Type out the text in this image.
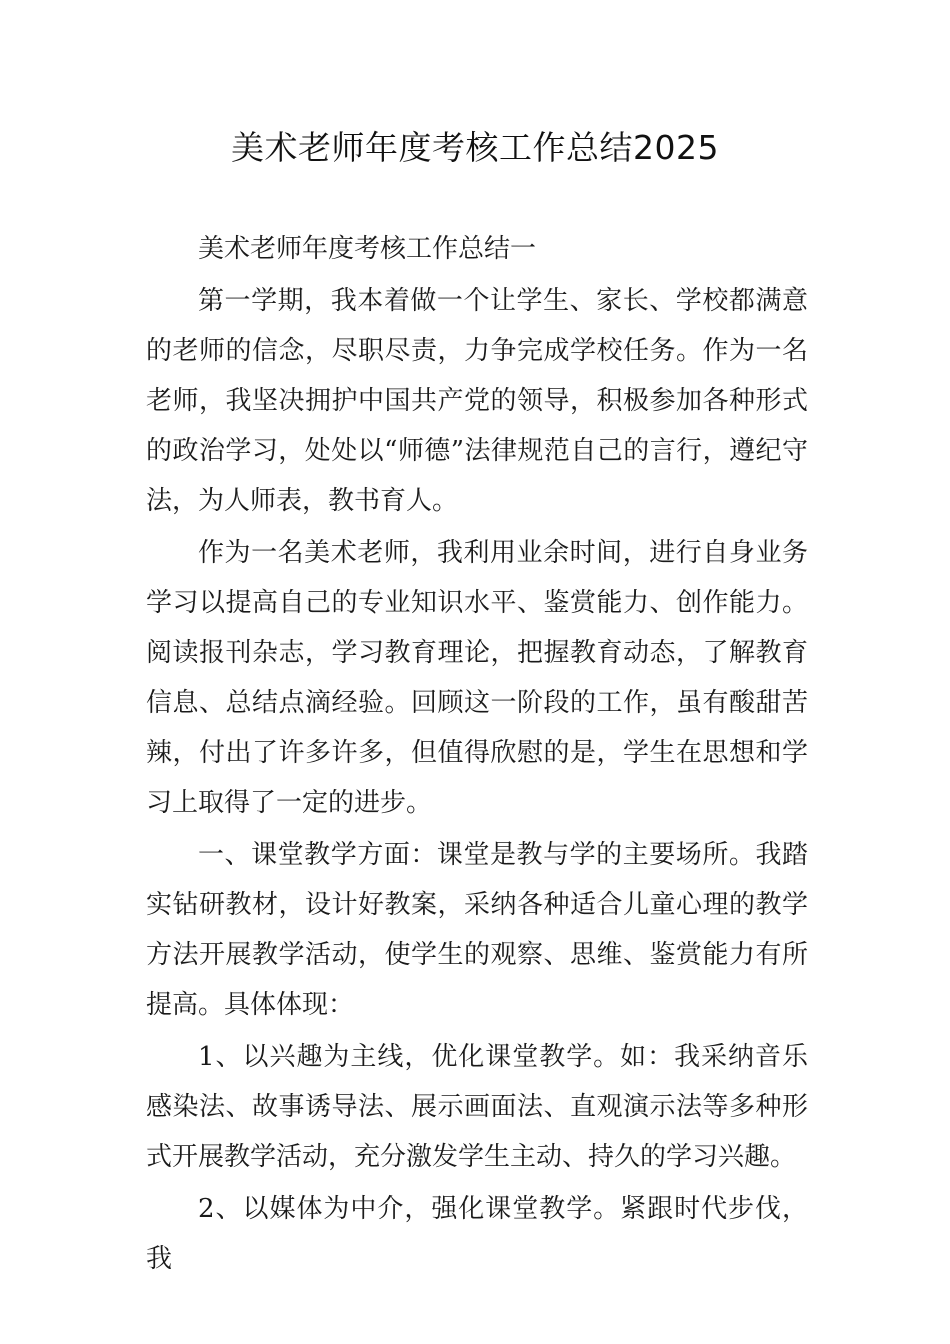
美术老师年度考核工作总结2025

美术老师年度考核工作总结一

第一学期，我本着做一个让学生、家长、学校都满意的老师的信念，尽职尽责，力争完成学校任务。作为一名老师，我坚决拥护中国共产党的领导，积极参加各种形式的政治学习，处处以“师德”法律规范自己的言行，遵纪守法，为人师表，教书育人。

作为一名美术老师，我利用业余时间，进行自身业务学习以提高自己的专业知识水平、鉴赏能力、创作能力。阅读报刊杂志，学习教育理论，把握教育动态，了解教育信息、总结点滴经验。回顾这一阶段的工作，虽有酸甜苦辣，付出了许多许多，但值得欣慰的是，学生在思想和学习上取得了一定的进步。

一、课堂教学方面：课堂是教与学的主要场所。我踏实钻研教材，设计好教案，采纳各种适合儿童心理的教学方法开展教学活动，使学生的观察、思维、鉴赏能力有所提高。具体体现：

1、以兴趣为主线，优化课堂教学。如：我采纳音乐感染法、故事诱导法、展示画面法、直观演示法等多种形式开展教学活动，充分激发学生主动、持久的学习兴趣。

2、以媒体为中介，强化课堂教学。紧跟时代步伐，我
